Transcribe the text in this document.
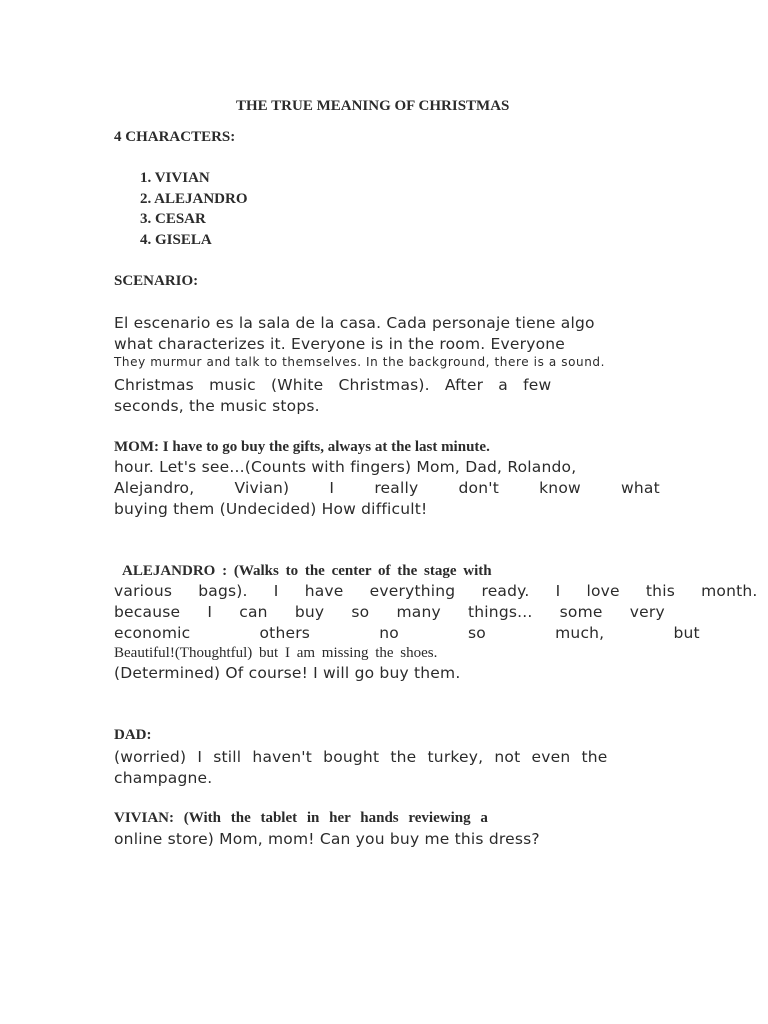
THE TRUE MEANING OF CHRISTMAS

4 CHARACTERS:

1. VIVIAN

2. ALEJANDRO

3. CESAR

4. GISELA

SCENARIO:

El escenario es la sala de la casa. Cada personaje tiene algo

what characterizes it. Everyone is in the room. Everyone

They murmur and talk to themselves. In the background, there is a sound.

Christmas music (White Christmas). After a few

seconds, the music stops.

MOM: I have to go buy the gifts, always at the last minute.

hour. Let's see...(Counts with fingers) Mom, Dad, Rolando,

Alejandro, Vivian) I really don't know what

buying them (Undecided) How difficult!

ALEJANDRO : (Walks to the center of the stage with

various bags). I have everything ready. I love this month.

because I can buy so many things... some very

economic others no so much, but

Beautiful!(Thoughtful) but I am missing the shoes.

(Determined) Of course! I will go buy them.

DAD:

(worried) I still haven't bought the turkey, not even the

champagne.

VIVIAN: (With the tablet in her hands reviewing a

online store) Mom, mom! Can you buy me this dress?
